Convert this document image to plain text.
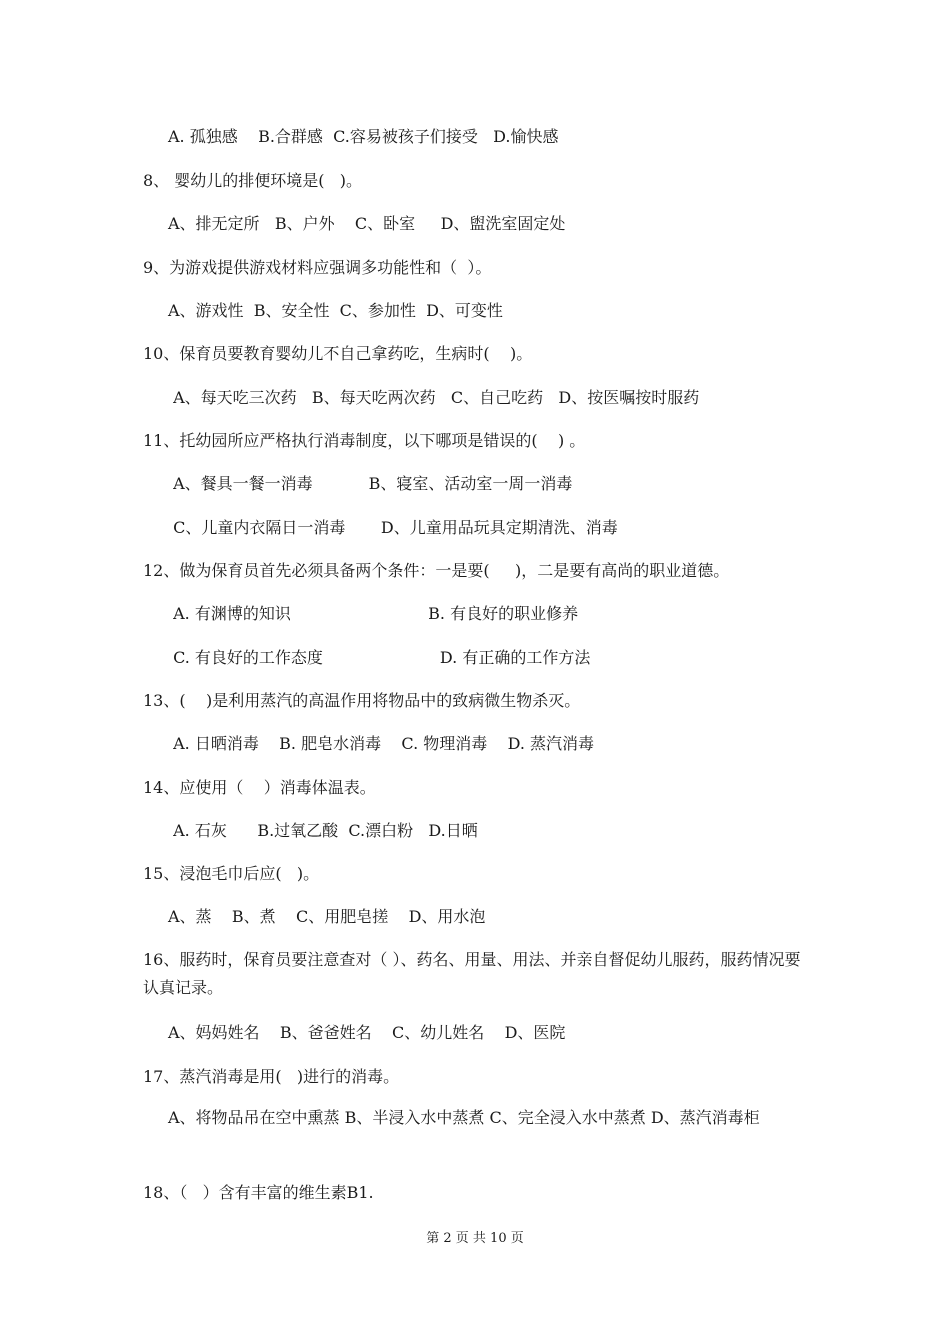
A. 孤独感    B.合群感  C.容易被孩子们接受   D.愉快感
8、 婴幼儿的排便环境是(   )。
A、排无定所   B、户外    C、卧室     D、盥洗室固定处
9、为游戏提供游戏材料应强调多功能性和（  ）。
A、游戏性  B、安全性  C、参加性  D、可变性
10、保育员要教育婴幼儿不自己拿药吃，生病时(    )。
A、每天吃三次药   B、每天吃两次药   C、自己吃药   D、按医嘱按时服药
11、托幼园所应严格执行消毒制度，以下哪项是错误的(    ) 。
A、餐具一餐一消毒           B、寝室、活动室一周一消毒
C、儿童内衣隔日一消毒       D、儿童用品玩具定期清洗、消毒
12、做为保育员首先必须具备两个条件：一是要(     )，二是要有高尚的职业道德。
A. 有渊博的知识                           B. 有良好的职业修养
C. 有良好的工作态度                       D. 有正确的工作方法
13、(    )是利用蒸汽的高温作用将物品中的致病微生物杀灭。
A. 日晒消毒    B. 肥皂水消毒    C. 物理消毒    D. 蒸汽消毒
14、应使用（    ）消毒体温表。
A. 石灰      B.过氧乙酸  C.漂白粉   D.日晒
15、浸泡毛巾后应(   )。
A、蒸    B、煮    C、用肥皂搓    D、用水泡
16、服药时，保育员要注意查对（ ）、药名、用量、用法、并亲自督促幼儿服药，服药情况要认真记录。
A、妈妈姓名    B、爸爸姓名    C、幼儿姓名    D、医院
17、蒸汽消毒是用(   )进行的消毒。
A、将物品吊在空中熏蒸 B、半浸入水中蒸煮 C、完全浸入水中蒸煮 D、蒸汽消毒柜
18、（   ）含有丰富的维生素B1.
第 2 页 共 10 页
